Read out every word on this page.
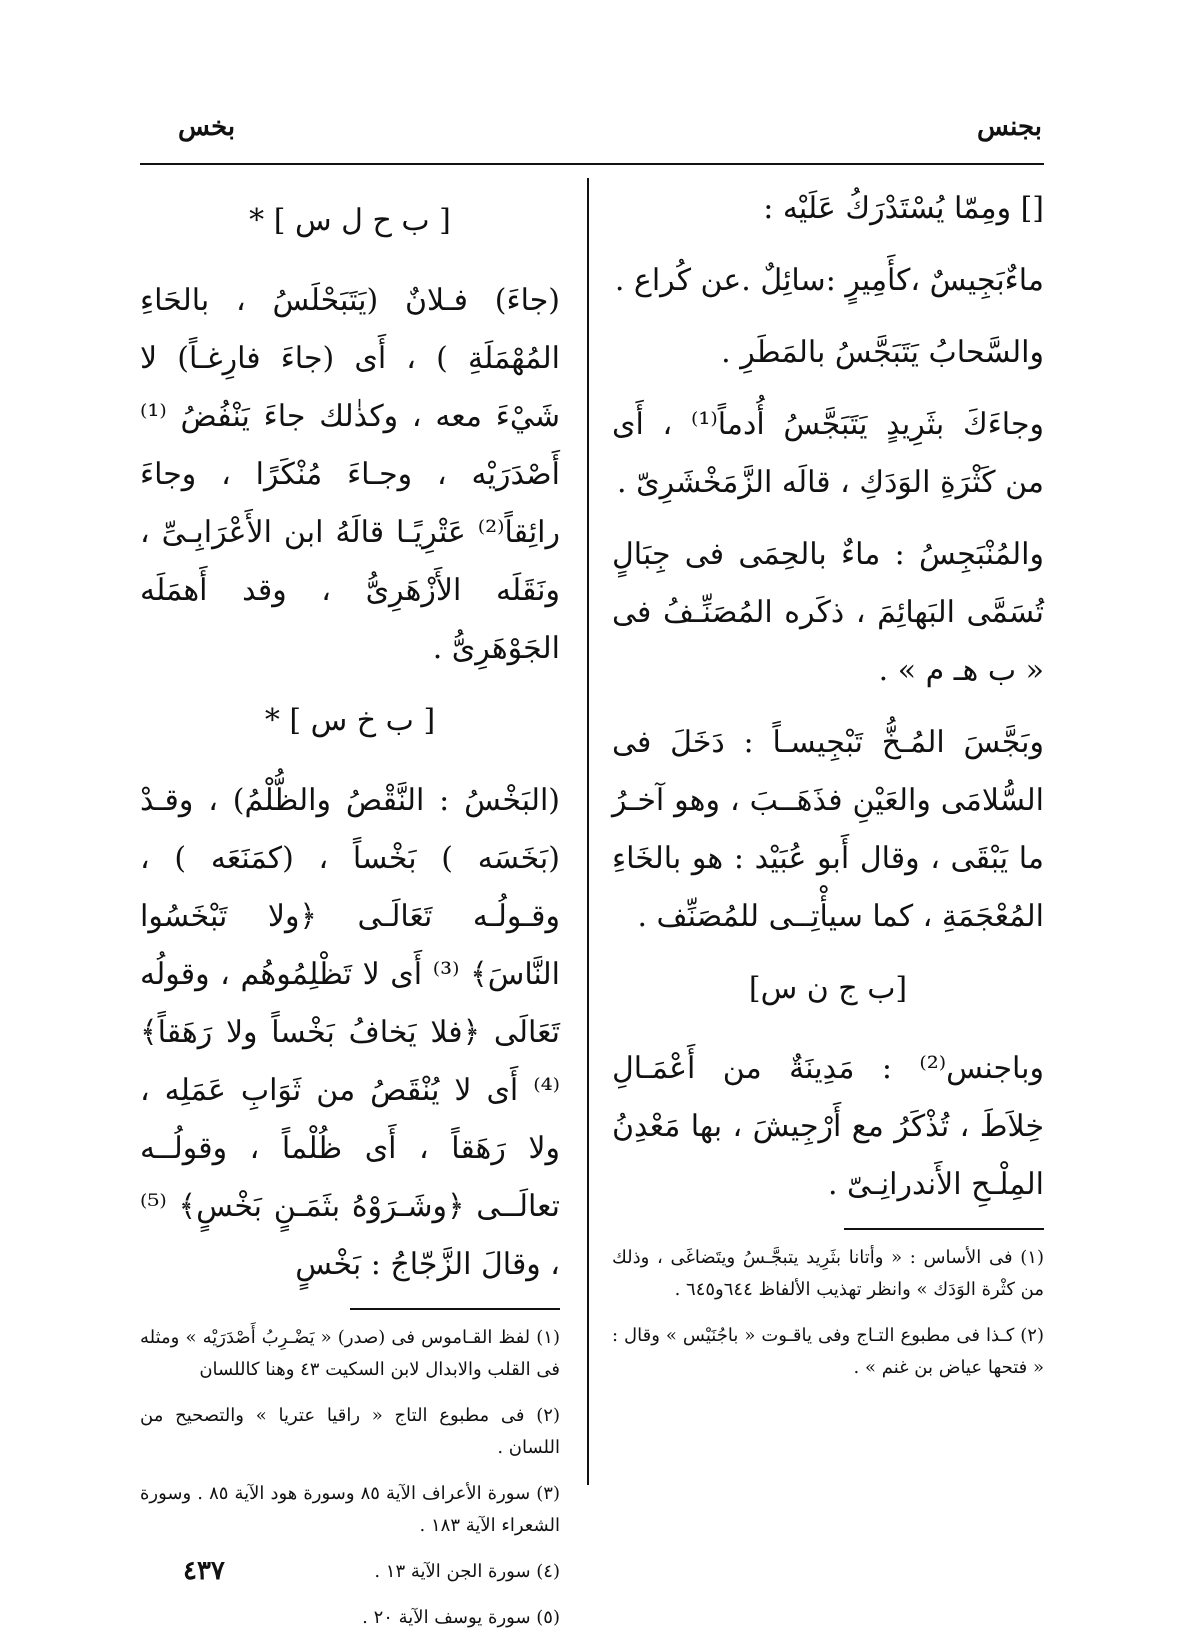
بجنس
بخس

[] ومِمّا يُسْتَدْرَكُ عَلَيْه :

ماءٌبَجِيسٌ ،كأَمِيرٍ :سائِلٌ .عن كُراع .

والسَّحابُ يَتَبَجَّسُ بالمَطَرِ .

وجاءَكَ بثَرِيدٍ يَتَبَجَّسُ أُدماً⁽¹⁾ ، أَى من كَثْرَةِ الوَدَكِ ، قالَه الزَّمَخْشَرِىّ .

والمُنْبَجِسُ : ماءٌ بالحِمَى فى جِبَالٍ تُسَمَّى البَهائِمَ ، ذكَره المُصَنِّـفُ فى « ب هـ م » .

وبَجَّسَ المُـخُّ تَبْجِيسـاً : دَخَلَ فى السُّلامَى والعَيْنِ فذَهَــبَ ، وهو آخـرُ ما يَبْقَى ، وقال أَبو عُبَيْد : هو بالخَاءِ المُعْجَمَةِ ، كما سيأْتِــى للمُصَنِّف .

[ب ج ن س]

وباجنس⁽²⁾ : مَدِينَةٌ من أَعْمَـالِ خِلاَطَ ، تُذْكَرُ مع أَرْجِيشَ ، بها مَعْدِنُ المِلْـحِ الأَندرانِـىّ .

(١) فى الأساس : « وأتانا بثَرِيد يتبجَّـسُ ويتَضاغَى ، وذلك من كثْرة الوَدَك » وانظر تهذيب الألفاظ ٦٤٤و٦٤٥ .

(٢) كـذا فى مطبوع التـاج وفى ياقـوت « باجُنَيْس » وقال : « فتحها عياض بن غنم » .

[ ب ح ل س ] *

(جاءَ) فـلانٌ (يَتَبَحْلَسُ ، بالحَاءِ المُهْمَلَةِ ) ، أَى (جاءَ فارِغـاً) لا شَيْءَ معه ، وكذٰلك جاءَ يَنْفُضُ ⁽¹⁾ أَصْدَرَيْه ، وجـاءَ مُنْكَرًا ، وجاءَ رائِقاً⁽²⁾ عَتْرِيًـا قالَهُ ابن الأَعْرَابِـىِّ ، ونَقَلَه الأَزْهَرِىُّ ، وقد أَهمَلَه الجَوْهَرِىُّ .

[ ب خ س ] *

(البَخْسُ : النَّقْصُ والظُّلْمُ) ، وقـدْ (بَخَسَه ) بَخْساً ، (كمَنَعَه ) ، وقـولُـه تَعَالَـى ﴿ولا تَبْخَسُوا النَّاسَ﴾ ⁽³⁾ أَى لا تَظْلِمُوهُم ، وقولُه تَعَالَى ﴿فلا يَخافُ بَخْساً ولا رَهَقاً﴾ ⁽⁴⁾ أَى لا يُنْقَصُ من ثَوَابِ عَمَلِه ، ولا رَهَقاً ، أَى ظُلْماً ، وقولُــه تعالَــى ﴿وشَـرَوْهُ بثَمَـنٍ بَخْسٍ﴾ ⁽⁵⁾ ، وقالَ الزَّجّاجُ : بَخْسٍ

(١) لفظ القـاموس فى (صدر) « يَضْـرِبُ أَصْدَرَيْه » ومثله فى القلب والابدال لابن السكيت ٤٣ وهنا كاللسان

(٢) فى مطبوع التاج « راقيا عتريا » والتصحيح من اللسان .

(٣) سورة الأعراف الآية ٨٥ وسورة هود الآية ٨٥ . وسورة الشعراء الآية ١٨٣ .

(٤) سورة الجن الآية ١٣ .

(٥) سورة يوسف الآية ٢٠ .

٤٣٧
